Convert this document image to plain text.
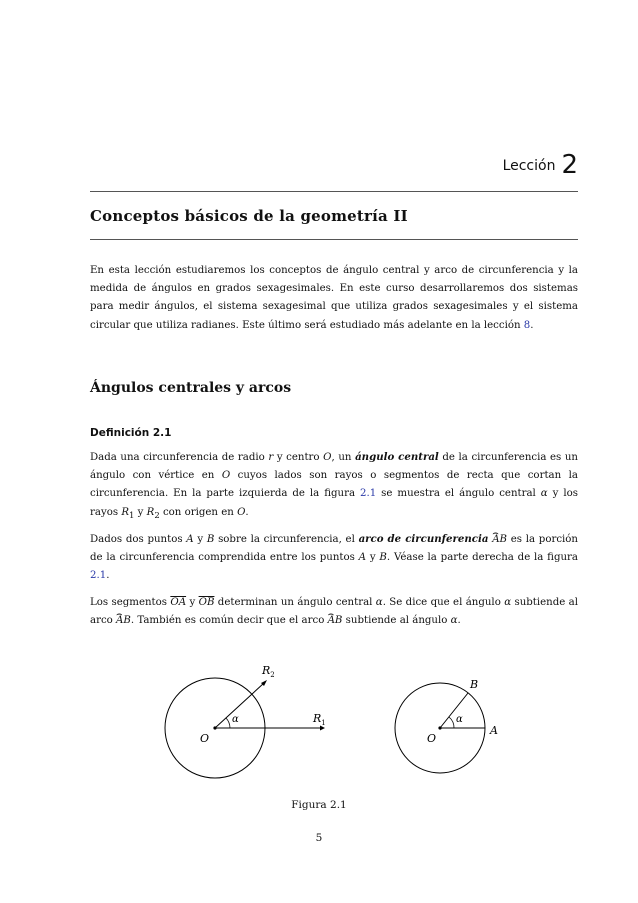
Lección 2
Conceptos básicos de la geometría II
En esta lección estudiaremos los conceptos de ángulo central y arco de circunferencia y la medida de ángulos en grados sexagesimales. En este curso desarrollaremos dos sistemas para medir ángulos, el sistema sexagesimal que utiliza grados sexagesimales y el sistema circular que utiliza radianes. Este último será estudiado más adelante en la lección 8.
Ángulos centrales y arcos
Definición 2.1
Dada una circunferencia de radio r y centro O, un ángulo central de la circunferencia es un ángulo con vértice en O cuyos lados son rayos o segmentos de recta que cortan la circunferencia. En la parte izquierda de la figura 2.1 se muestra el ángulo central α y los rayos $R_1$ y $R_2$ con origen en O.
Dados dos puntos A y B sobre la circunferencia, el arco de circunferencia ⌢ AB es la porción de la circunferencia comprendida entre los puntos A y B. Véase la parte derecha de la figura 2.1.
Los segmentos $\overline{OA}$ y $\overline{OB}$ determinan un ángulo central α. Se dice que el ángulo α subtiende al arco ⌢ AB. También es común decir que el arco ⌢ AB subtiende al ángulo α.
O
α	$R_1$
$R_2$
O
α
A
B
Figura 2.1
5
